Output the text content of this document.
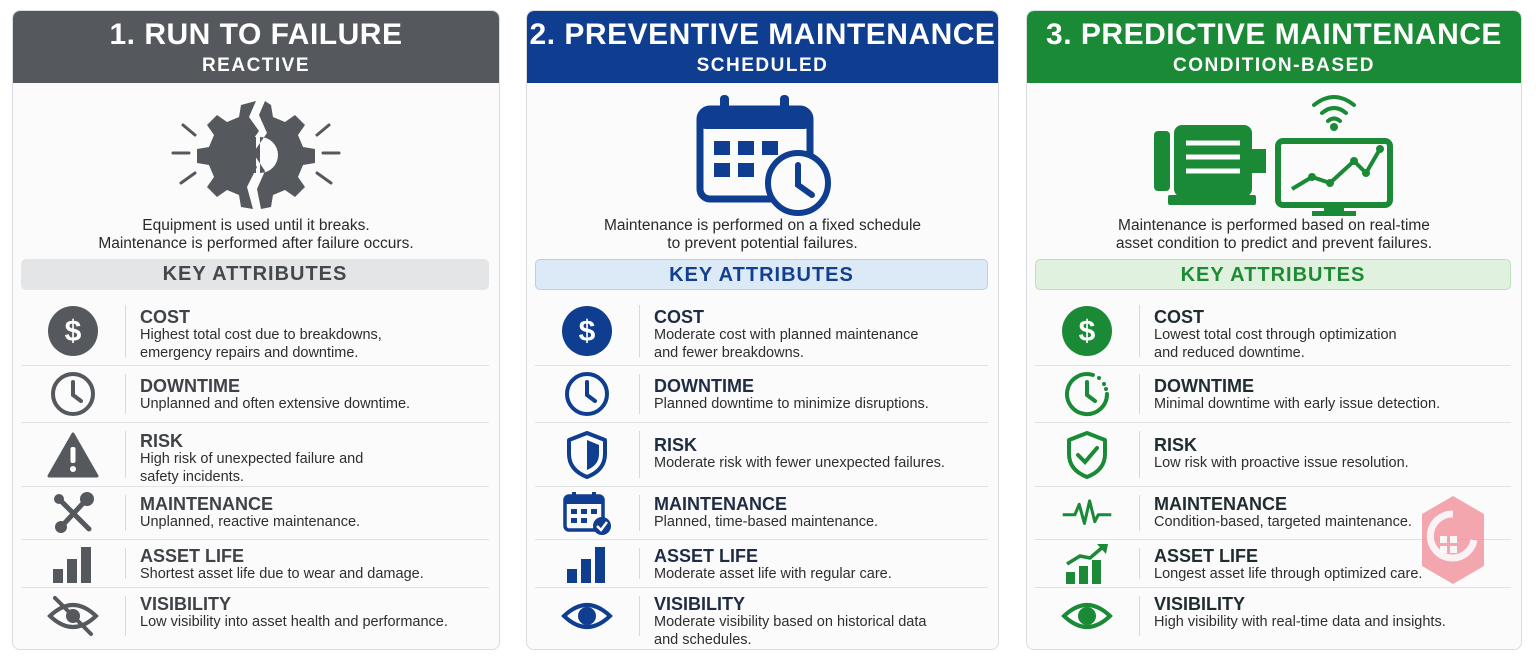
1. RUN TO FAILURE
REACTIVE
Equipment is used until it breaks.
Maintenance is performed after failure occurs.
KEY ATTRIBUTES
$	COST
Highest total cost due to breakdowns,
emergency repairs and downtime.
DOWNTIME
Unplanned and often extensive downtime.
RISK
High risk of unexpected failure and
safety incidents.
MAINTENANCE
Unplanned, reactive maintenance.
ASSET LIFE
Shortest asset life due to wear and damage.
VISIBILITY
Low visibility into asset health and performance.
2. PREVENTIVE MAINTENANCE
SCHEDULED
Maintenance is performed on a fixed schedule
to prevent potential failures.
KEY ATTRIBUTES
$	COST
Moderate cost with planned maintenance
and fewer breakdowns.
DOWNTIME
Planned downtime to minimize disruptions.
RISK
Moderate risk with fewer unexpected failures.
MAINTENANCE
Planned, time-based maintenance.
ASSET LIFE
Moderate asset life with regular care.
VISIBILITY
Moderate visibility based on historical data
and schedules.
3. PREDICTIVE MAINTENANCE
CONDITION-BASED
Maintenance is performed based on real-time
asset condition to predict and prevent failures.
KEY ATTRIBUTES
$	COST
Lowest total cost through optimization
and reduced downtime.
DOWNTIME
Minimal downtime with early issue detection.
RISK
Low risk with proactive issue resolution.
MAINTENANCE
Condition-based, targeted maintenance.
ASSET LIFE
Longest asset life through optimized care.
VISIBILITY
High visibility with real-time data and insights.
